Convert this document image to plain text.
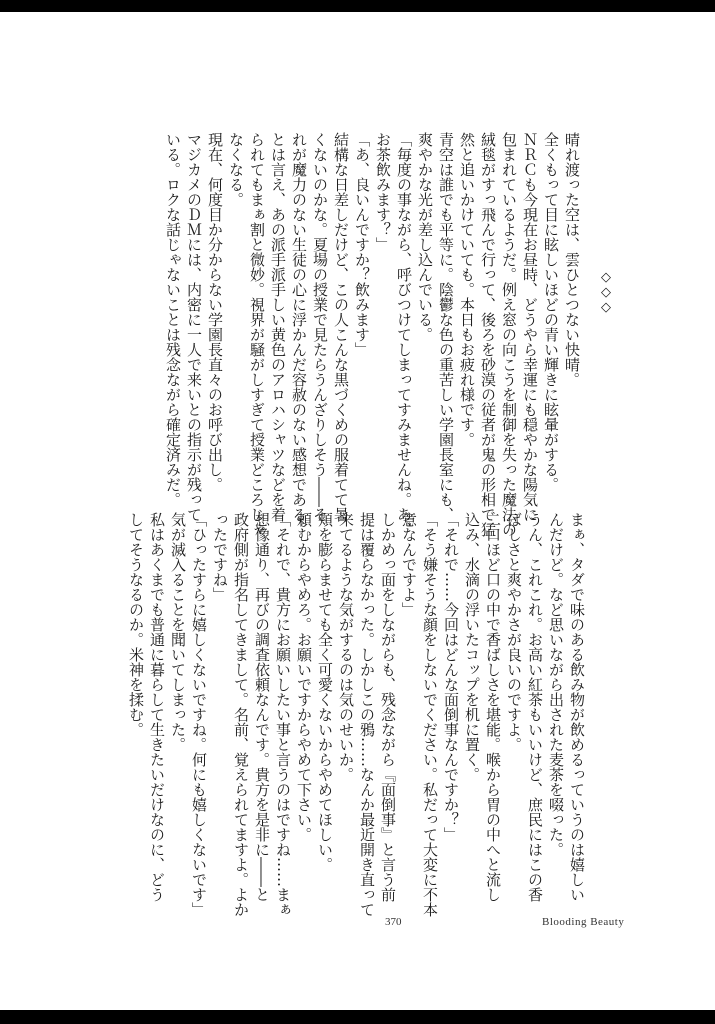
◇
◇
◇

晴れ渡った空は、雲ひとつない快晴。

全くもって目に眩しいほどの青い輝きに眩暈がする。

ＮＲＣも今現在お昼時、どうやら幸運にも穏やかな陽気に

包まれているようだ。例え窓の向こうを制御を失った魔法の

絨毯がすっ飛んで行って、後ろを砂漠の従者が鬼の形相で猛

然と追いかけていても。本日もお疲れ様です。

青空は誰でも平等に。陰鬱な色の重苦しい学園長室にも、

爽やかな光が差し込んでいる。

「毎度の事ながら、呼びつけてしまってすみませんね。あ、

お茶飲みます？」

「あ、良いんですか？飲みます」

結構な日差しだけど、この人こんな黒づくめの服着てて暑

くないのかな。夏場の授業で見たらうんざりしそう――そ

れが魔力のない生徒の心に浮かんだ容赦のない感想である。

とは言え、あの派手派手しい黄色のアロハシャツなどを着

られてもまぁ割と微妙。視界が騒がしすぎて授業どころじゃ

なくなる。

現在、何度目か分からない学園長直々のお呼び出し。

マジカメのＤＭには、内密に一人で来いとの指示が残って

いる。ロクな話じゃないことは残念ながら確定済みだ。

まぁ、タダで味のある飲み物が飲めるっていうのは嬉しい

んだけど。など思いながら出された麦茶を啜った。

うん、これこれ。お高い紅茶もいいけど、庶民にはこの香

ばしさと爽やかさが良いのですよ。

二口ほど口の中で香ばしさを堪能。喉から胃の中へと流し

込み、水滴の浮いたコップを机に置く。

「それで……今回はどんな面倒事なんですか？」

「そう嫌そうな顔をしないでください。私だって大変に不本

意なんですよ」

しかめっ面をしながらも、残念ながら『面倒事』と言う前

提は覆らなかった。しかしこの鴉……なんか最近開き直って

来てるような気がするのは気のせいか。

頬を膨らませても全く可愛くないからやめてほしい。

頼むからやめろ。お願いですからやめて下さい。

「それで、貴方にお願いしたい事と言うのはですね……まぁ

想像通り、再びの調査依頼なんです。貴方を是非に――と

政府側が指名してきまして。名前、覚えられてますよ。よか

ったですね」

「ひったすらに嬉しくないですね。何にも嬉しくないです」

気が滅入ることを聞いてしまった。

私はあくまでも普通に暮らして生きたいだけなのに、どう

してそうなるのか。米神を揉む。

370	Blooding Beauty
